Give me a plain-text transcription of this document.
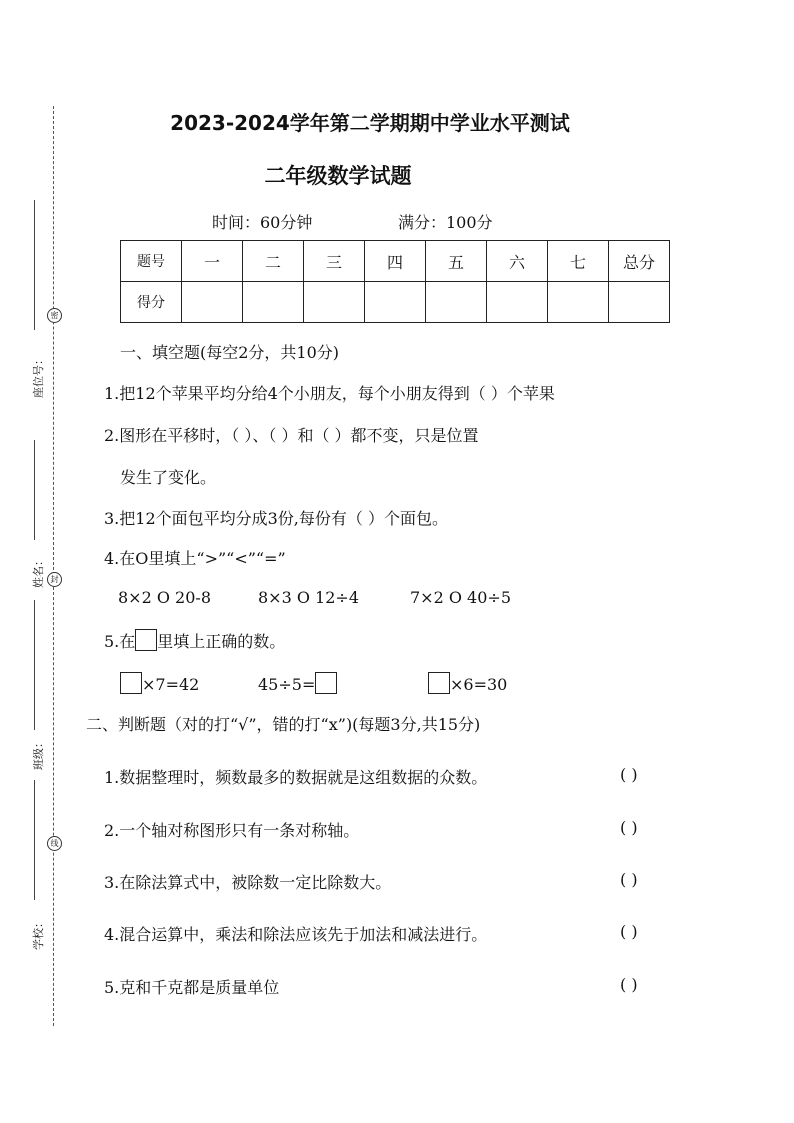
密
封
线
座位号：
姓名：
班级：
学校：
2023-2024学年第二学期期中学业水平测试
二年级数学试题
时间：60分钟	满分：100分
题号	一	二	三	四	五	六	七	总分
得分								
一、填空题(每空2分，共10分)
1.把12个苹果平均分给4个小朋友，每个小朋友得到（ ）个苹果
2.图形在平移时，（ ）、（ ）和（ ）都不变，只是位置
发生了变化。
3.把12个面包平均分成3份,每份有（ ）个面包。
4.在O里填上“>”“<”“=”
8×2 O 20-8	8×3 O 12÷4	7×2 O 40÷5
5.在 里填上正确的数。
×7=42	45÷5=	×6=30
二、判断题（对的打“√”，错的打“x”)(每题3分,共15分)
1.数据整理时，频数最多的数据就是这组数据的众数。	( )
2.一个轴对称图形只有一条对称轴。	( )
3.在除法算式中，被除数一定比除数大。	( )
4.混合运算中，乘法和除法应该先于加法和减法进行。	( )
5.克和千克都是质量单位	( )
